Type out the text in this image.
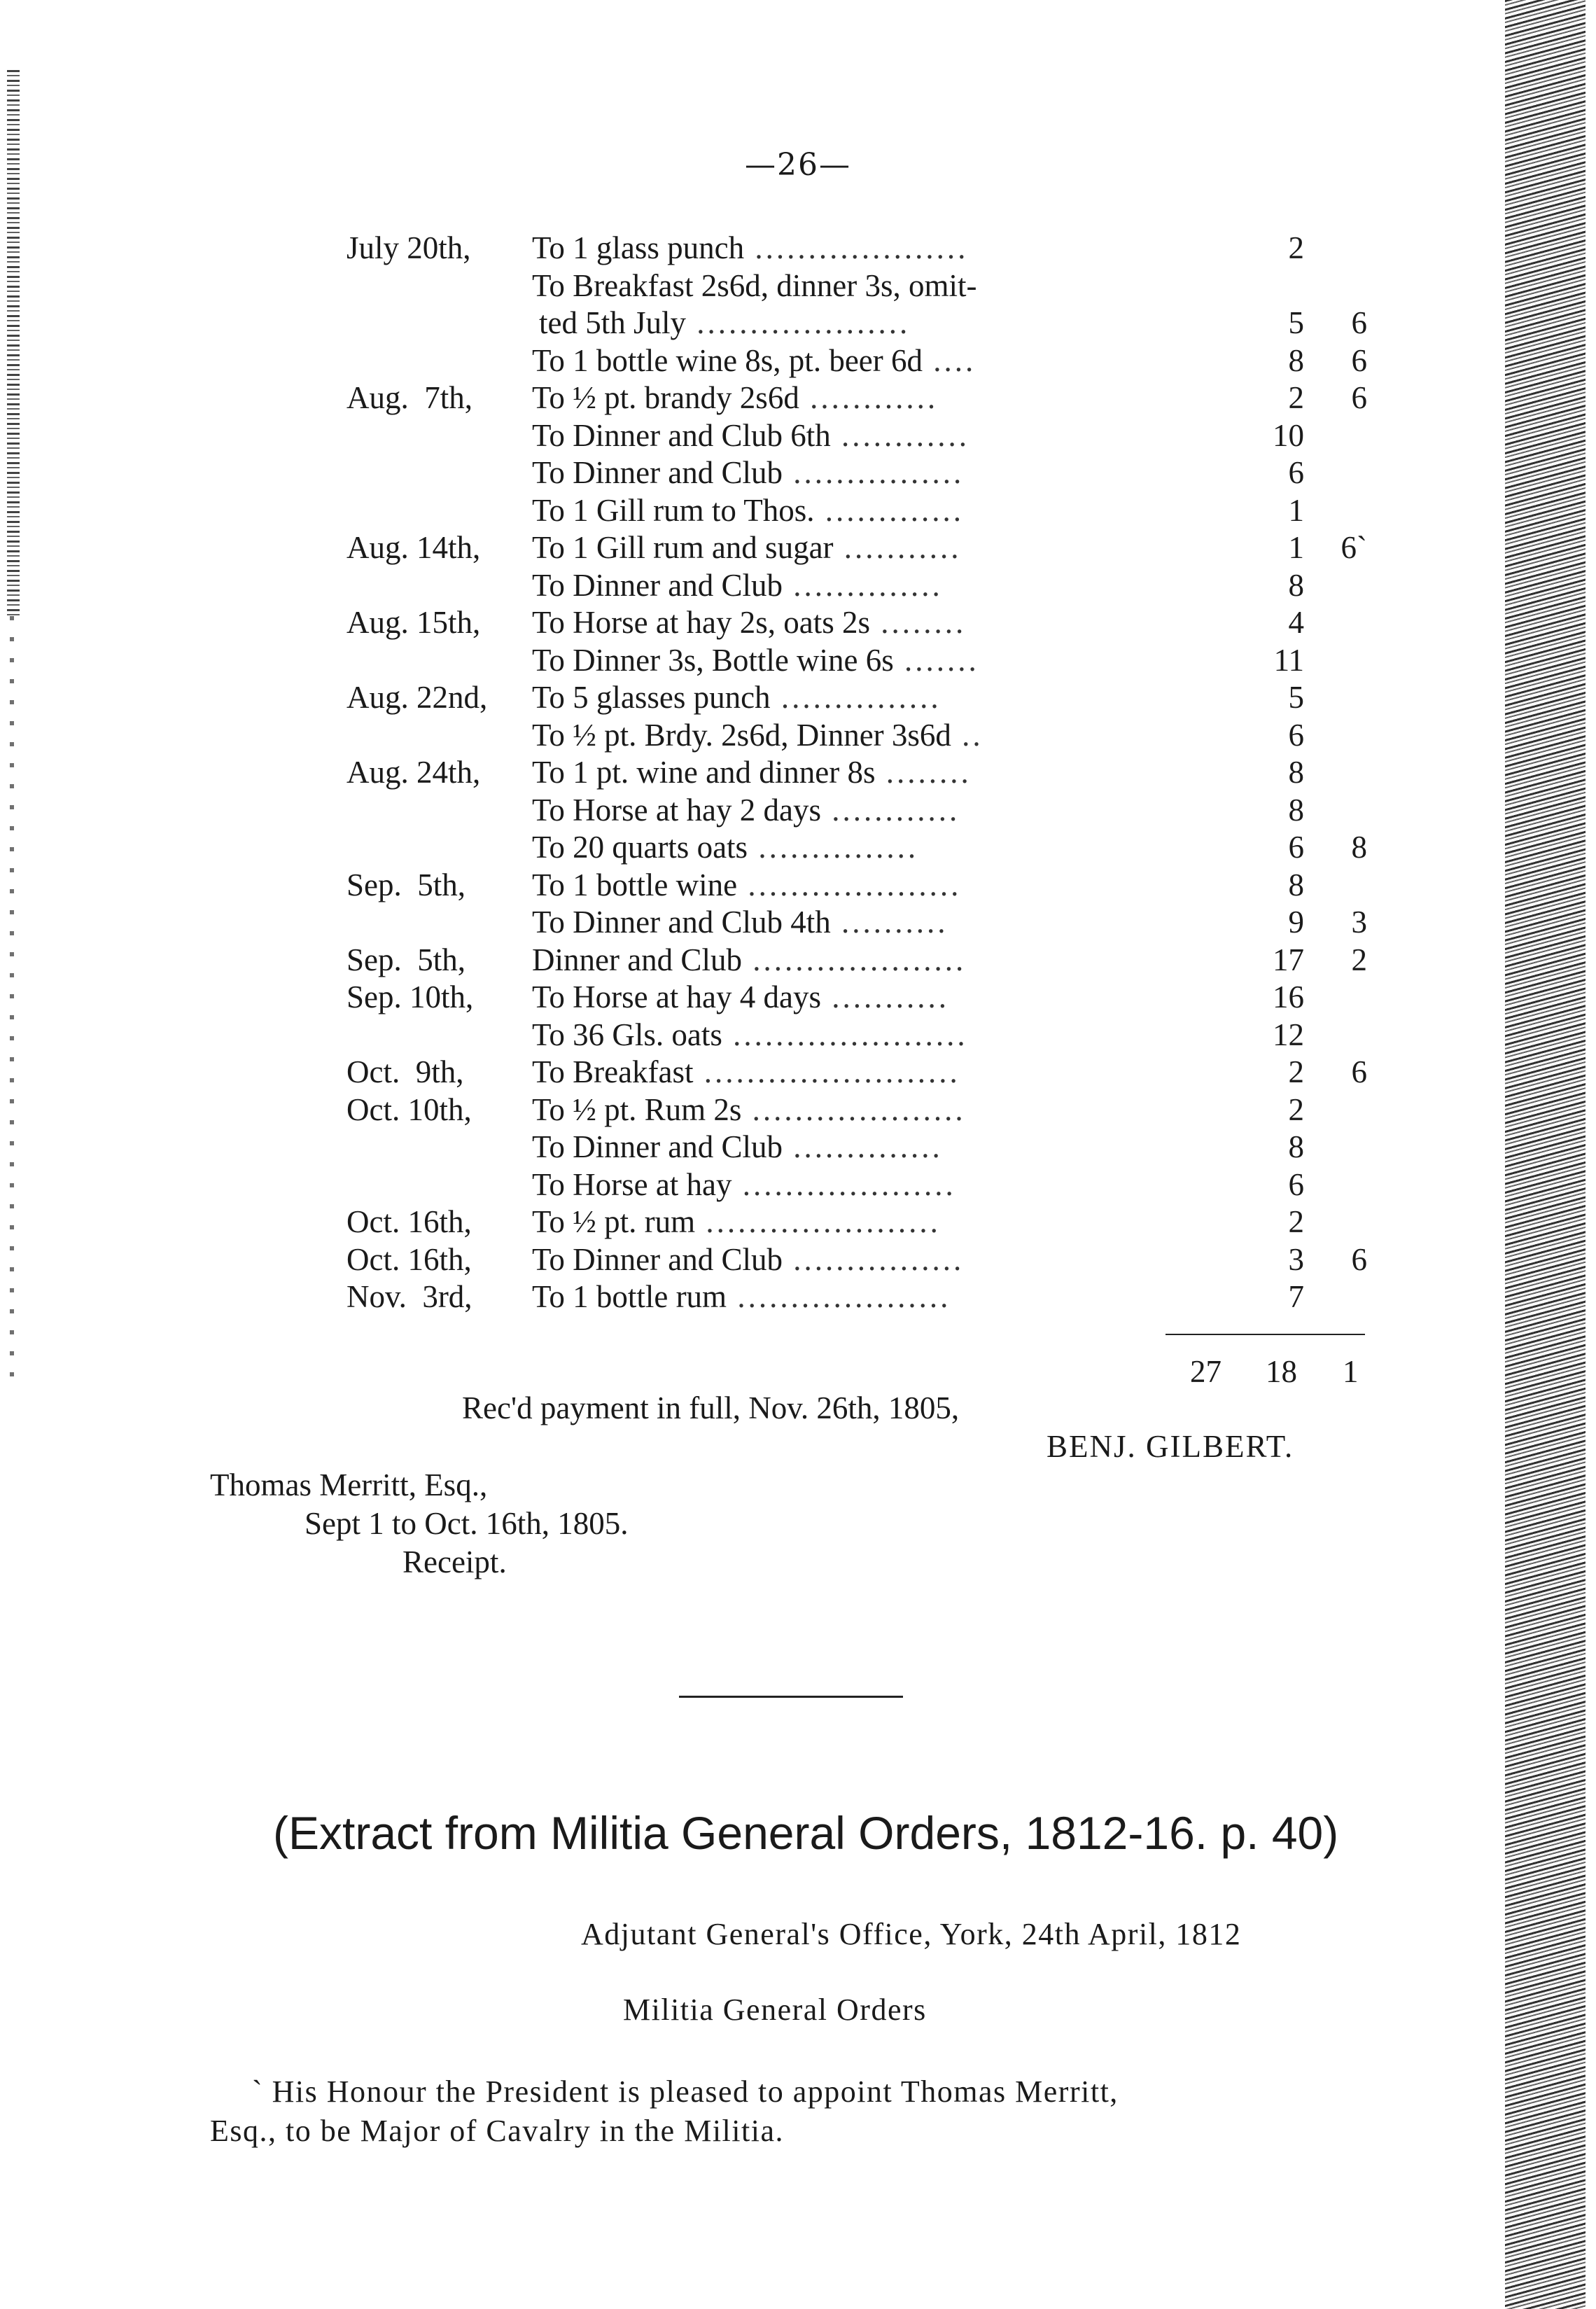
—26—
July 20th, To 1 glass punch ....................	2
To Breakfast 2s6d, dinner 3s, omit-
ted 5th July ....................	5	6
To 1 bottle wine 8s, pt. beer 6d ....	8	6
Aug.  7th, To ½ pt. brandy 2s6d ............	2	6
To Dinner and Club 6th ............	10
To Dinner and Club ................	6
To 1 Gill rum to Thos. .............	1
Aug. 14th, To 1 Gill rum and sugar ...........	1 6`
To Dinner and Club ..............	8
Aug. 15th, To Horse at hay 2s, oats 2s ........	4
To Dinner 3s, Bottle wine 6s .......	11
Aug. 22nd, To 5 glasses punch ...............	5
To ½ pt. Brdy. 2s6d, Dinner 3s6d ..	6
Aug. 24th, To 1 pt. wine and dinner 8s ........	8
To Horse at hay 2 days ............	8
To 20 quarts oats ...............	6	8
Sep.  5th, To 1 bottle wine ....................	8
To Dinner and Club 4th ..........	9	3
Sep.  5th, Dinner and Club ....................	17	2
Sep. 10th, To Horse at hay 4 days ...........	16
To 36 Gls. oats ......................	12
Oct.  9th, To Breakfast ........................	2	6
Oct. 10th, To ½ pt. Rum 2s ....................	2
To Dinner and Club ..............	8
To Horse at hay ....................	6
Oct. 16th, To ½ pt. rum ......................	2
Oct. 16th, To Dinner and Club ................	3	6
Nov.  3rd, To 1 bottle rum ....................	7
27 18 1
Rec'd payment in full, Nov. 26th, 1805,
BENJ. GILBERT.
Thomas Merritt, Esq.,
Sept 1 to Oct. 16th, 1805.
Receipt.
(Extract from Militia General Orders, 1812-16. p. 40)
Adjutant General's Office, York, 24th April, 1812
Militia General Orders
` His Honour the President is pleased to appoint Thomas Merritt,
Esq., to be Major of Cavalry in the Militia.
